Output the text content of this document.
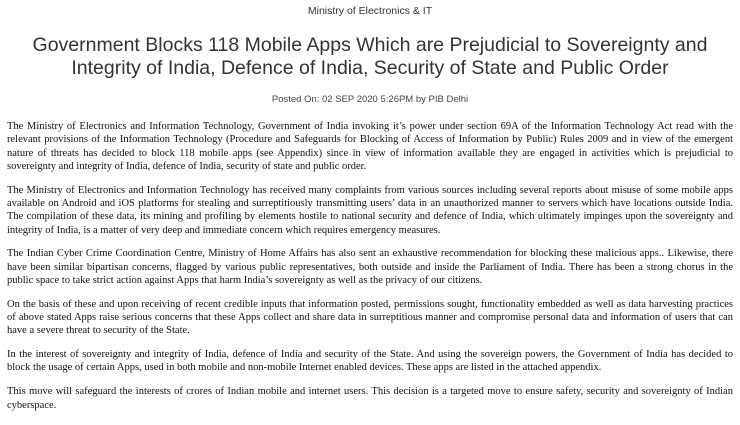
Ministry of Electronics & IT
Government Blocks 118 Mobile Apps Which are Prejudicial to Sovereignty and Integrity of India, Defence of India, Security of State and Public Order
Posted On: 02 SEP 2020 5:26PM by PIB Delhi

The Ministry of Electronics and Information Technology, Government of India invoking it’s power under section 69A of the Information Technology Act read with the relevant provisions of the Information Technology (Procedure and Safeguards for Blocking of Access of Information by Public) Rules 2009 and in view of the emergent nature of threats has decided to block 118 mobile apps (see Appendix) since in view of information available they are engaged in activities which is prejudicial to sovereignty and integrity of India, defence of India, security of state and public order.

The Ministry of Electronics and Information Technology has received many complaints from various sources including several reports about misuse of some mobile apps available on Android and iOS platforms for stealing and surreptitiously transmitting users’ data in an unauthorized manner to servers which have locations outside India. The compilation of these data, its mining and profiling by elements hostile to national security and defence of India, which ultimately impinges upon the sovereignty and integrity of India, is a matter of very deep and immediate concern which requires emergency measures.

The Indian Cyber Crime Coordination Centre, Ministry of Home Affairs has also sent an exhaustive recommendation for blocking these malicious apps.. Likewise, there have been similar bipartisan concerns, flagged by various public representatives, both outside and inside the Parliament of India. There has been a strong chorus in the public space to take strict action against Apps that harm India’s sovereignty as well as the privacy of our citizens.

On the basis of these and upon receiving of recent credible inputs that information posted, permissions sought, functionality embedded as well as data harvesting practices of above stated Apps raise serious concerns that these Apps collect and share data in surreptitious manner and compromise personal data and information of users that can have a severe threat to security of the State.

In the interest of sovereignty and integrity of India, defence of India and security of the State. And using the sovereign powers, the Government of India has decided to block the usage of certain Apps, used in both mobile and non-mobile Internet enabled devices. These apps are listed in the attached appendix.

This move will safeguard the interests of crores of Indian mobile and internet users. This decision is a targeted move to ensure safety, security and sovereignty of Indian cyberspace.
